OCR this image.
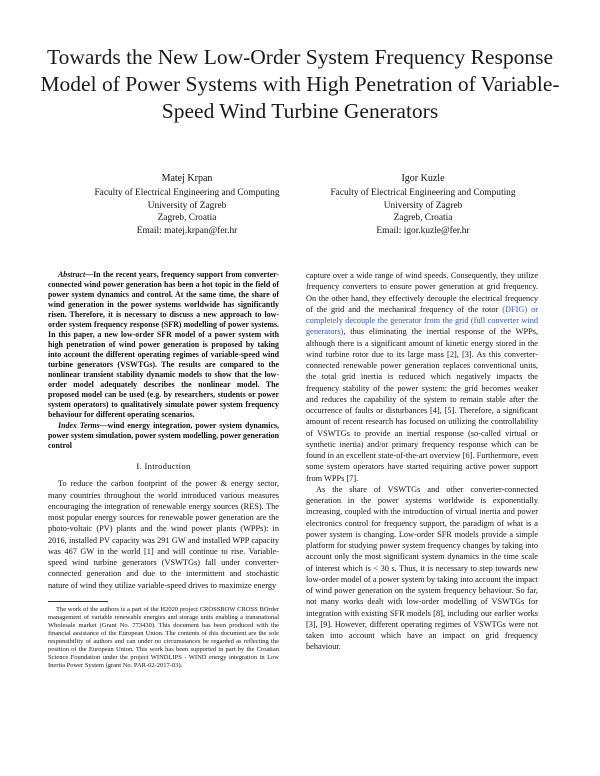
Towards the New Low-Order System Frequency Response Model of Power Systems with High Penetration of Variable-Speed Wind Turbine Generators
Matej Krpan
Faculty of Electrical Engineering and Computing
University of Zagreb
Zagreb, Croatia
Email: matej.krpan@fer.hr
Igor Kuzle
Faculty of Electrical Engineering and Computing
University of Zagreb
Zagreb, Croatia
Email: igor.kuzle@fer.hr

Abstract—In the recent years, frequency support from converter-connected wind power generation has been a hot topic in the field of power system dynamics and control. At the same time, the share of wind generation in the power systems worldwide has significantly risen. Therefore, it is necessary to discuss a new approach to low-order system frequency response (SFR) modelling of power systems. In this paper, a new low-order SFR model of a power system with high penetration of wind power generation is proposed by taking into account the different operating regimes of variable-speed wind turbine generators (VSWTGs). The results are compared to the nonlinear transient stability dynamic models to show that the low-order model adequately describes the nonlinear model. The proposed model can be used (e.g. by researchers, students or power system operators) to qualitatively simulate power system frequency behaviour for different operating scenarios.

Index Terms—wind energy integration, power system dynamics, power system simulation, power system modelling, power generation control

I. Introduction

To reduce the carbon footprint of the power & energy sector, many countries throughout the world introduced various measures encouraging the integration of renewable energy sources (RES). The most popular energy sources for renewable power generation are the photo-voltaic (PV) plants and the wind power plants (WPPs): in 2016, installed PV capacity was 291 GW and installed WPP capacity was 467 GW in the world [1] and will continue to rise. Variable-speed wind turbine generators (VSWTGs) fall under converter-connected generation and due to the intermittent and stochastic nature of wind they utilize variable-speed drives to maximize energy

The work of the authors is a part of the H2020 project CROSSBOW CROSS BOrder management of variable renewable energies and storage units enabling a transnational Wholesale market (Grant No. 773430). This document has been produced with the financial assistance of the European Union. The contents of this document are the sole responsibility of authors and can under no circumstances be regarded as reflecting the position of the European Union. This work has been supported in part by the Croatian Science Foundation under the project WINDLIPS - WIND energy integration in Low Inertia Power System (grant No. PAR-02-2017-03).

capture over a wide range of wind speeds. Consequently, they utilize frequency converters to ensure power generation at grid frequency. On the other hand, they effectively decouple the electrical frequency of the grid and the mechanical frequency of the rotor (DFIG) or completely decouple the generator from the grid (full converter wind generators), thus eliminating the inertial response of the WPPs, although there is a significant amount of kinetic energy stored in the wind turbine rotor due to its large mass [2], [3]. As this converter-connected renewable power generation replaces conventional units, the total grid inertia is reduced which negatively impacts the frequency stability of the power system: the grid becomes weaker and reduces the capability of the system to remain stable after the occurrence of faults or disturbances [4], [5]. Therefore, a significant amount of recent research has focused on utilizing the controllability of VSWTGs to provide an inertial response (so-called virtual or synthetic inertia) and/or primary frequency response which can be found in an excellent state-of-the-art overview [6]. Furthermore, even some system operators have started requiring active power support from WPPs [7].

As the share of VSWTGs and other converter-connected generation in the power systems worldwide is exponentially increasing, coupled with the introduction of virtual inertia and power electronics control for frequency support, the paradigm of what is a power system is changing. Low-order SFR models provide a simple platform for studying power system frequency changes by taking into account only the most significant system dynamics in the time scale of interest which is < 30 s. Thus, it is necessary to step towards new low-order model of a power system by taking into account the impact of wind power generation on the system frequency behaviour. So far, not many works dealt with low-order modelling of VSWTGs for integration with existing SFR models [8], including our earlier works [3], [9]. However, different operating regimes of VSWTGs were not taken into account which have an impact on grid frequency behaviour.
